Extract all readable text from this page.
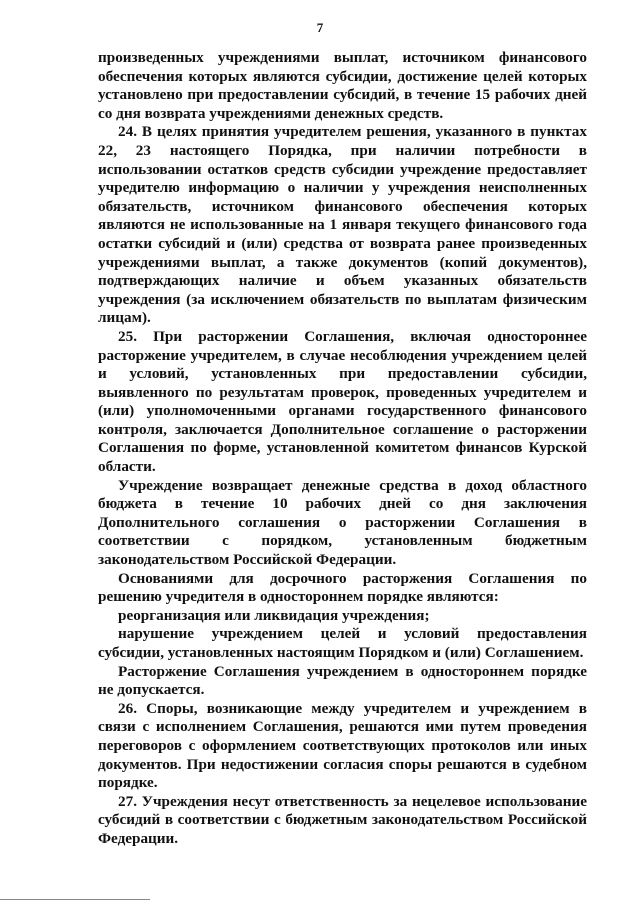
7

произведенных учреждениями выплат, источником финансового обеспечения которых являются субсидии, достижение целей которых установлено при предоставлении субсидий, в течение 15 рабочих дней со дня возврата учреждениями денежных средств.

24. В целях принятия учредителем решения, указанного в пунктах 22, 23 настоящего Порядка, при наличии потребности в использовании остатков средств субсидии учреждение предоставляет учредителю информацию о наличии у учреждения неисполненных обязательств, источником финансового обеспечения которых являются не использованные на 1 января текущего финансового года остатки субсидий и (или) средства от возврата ранее произведенных учреждениями выплат, а также документов (копий документов), подтверждающих наличие и объем указанных обязательств учреждения (за исключением обязательств по выплатам физическим лицам).

25. При расторжении Соглашения, включая одностороннее расторжение учредителем, в случае несоблюдения учреждением целей и условий, установленных при предоставлении субсидии, выявленного по результатам проверок, проведенных учредителем и (или) уполномоченными органами государственного финансового контроля, заключается Дополнительное соглашение о расторжении Соглашения по форме, установленной комитетом финансов Курской области.

Учреждение возвращает денежные средства в доход областного бюджета в течение 10 рабочих дней со дня заключения Дополнительного соглашения о расторжении Соглашения в соответствии с порядком, установленным бюджетным законодательством Российской Федерации.

Основаниями для досрочного расторжения Соглашения по решению учредителя в одностороннем порядке являются:

реорганизация или ликвидация учреждения;

нарушение учреждением целей и условий предоставления субсидии, установленных настоящим Порядком и (или) Соглашением.

Расторжение Соглашения учреждением в одностороннем порядке не допускается.

26. Споры, возникающие между учредителем и учреждением в связи с исполнением Соглашения, решаются ими путем проведения переговоров с оформлением соответствующих протоколов или иных документов. При недостижении согласия споры решаются в судебном порядке.

27. Учреждения несут ответственность за нецелевое использование субсидий в соответствии с бюджетным законодательством Российской Федерации.
